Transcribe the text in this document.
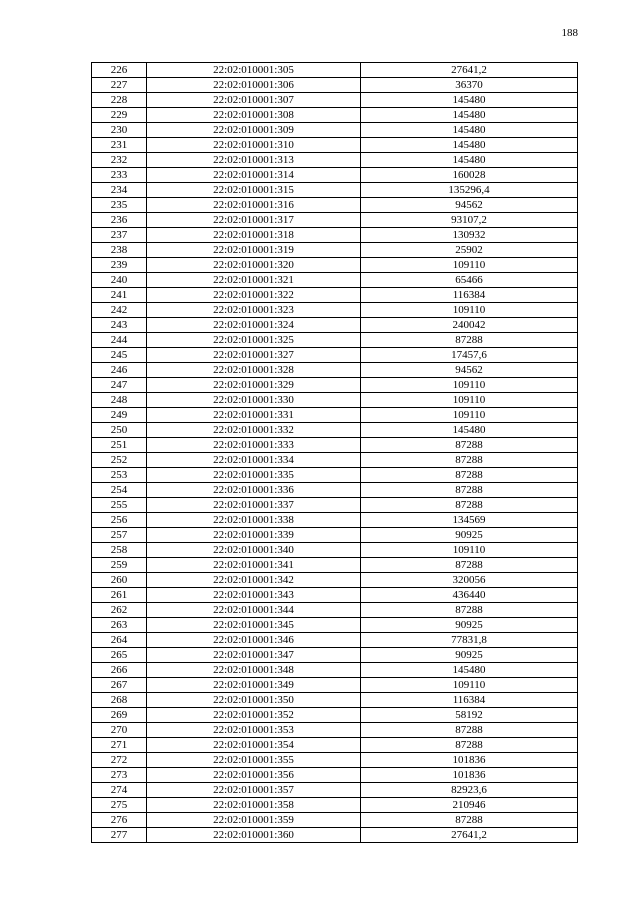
188
226	22:02:010001:305	27641,2
227	22:02:010001:306	36370
228	22:02:010001:307	145480
229	22:02:010001:308	145480
230	22:02:010001:309	145480
231	22:02:010001:310	145480
232	22:02:010001:313	145480
233	22:02:010001:314	160028
234	22:02:010001:315	135296,4
235	22:02:010001:316	94562
236	22:02:010001:317	93107,2
237	22:02:010001:318	130932
238	22:02:010001:319	25902
239	22:02:010001:320	109110
240	22:02:010001:321	65466
241	22:02:010001:322	116384
242	22:02:010001:323	109110
243	22:02:010001:324	240042
244	22:02:010001:325	87288
245	22:02:010001:327	17457,6
246	22:02:010001:328	94562
247	22:02:010001:329	109110
248	22:02:010001:330	109110
249	22:02:010001:331	109110
250	22:02:010001:332	145480
251	22:02:010001:333	87288
252	22:02:010001:334	87288
253	22:02:010001:335	87288
254	22:02:010001:336	87288
255	22:02:010001:337	87288
256	22:02:010001:338	134569
257	22:02:010001:339	90925
258	22:02:010001:340	109110
259	22:02:010001:341	87288
260	22:02:010001:342	320056
261	22:02:010001:343	436440
262	22:02:010001:344	87288
263	22:02:010001:345	90925
264	22:02:010001:346	77831,8
265	22:02:010001:347	90925
266	22:02:010001:348	145480
267	22:02:010001:349	109110
268	22:02:010001:350	116384
269	22:02:010001:352	58192
270	22:02:010001:353	87288
271	22:02:010001:354	87288
272	22:02:010001:355	101836
273	22:02:010001:356	101836
274	22:02:010001:357	82923,6
275	22:02:010001:358	210946
276	22:02:010001:359	87288
277	22:02:010001:360	27641,2
